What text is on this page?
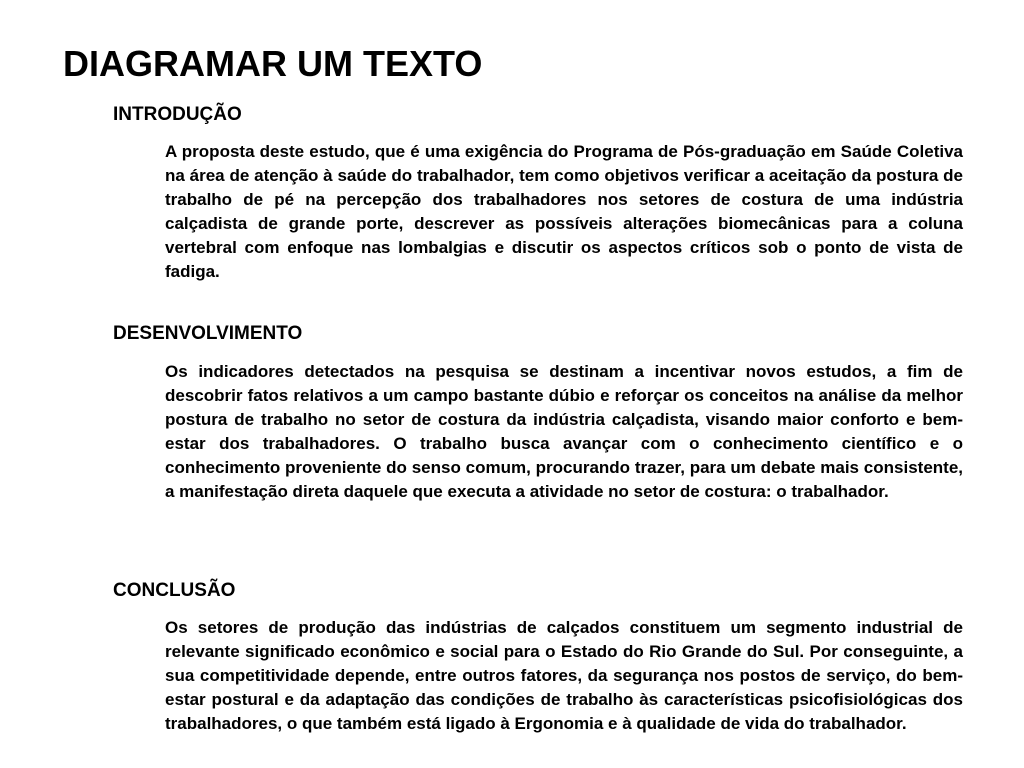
DIAGRAMAR UM TEXTO
INTRODUÇÃO

A proposta deste estudo, que é uma exigência do Programa de Pós-graduação em Saúde Coletiva na área de atenção à saúde do trabalhador, tem como objetivos verificar a aceitação da postura de trabalho de pé na percepção dos trabalhadores nos setores de costura de uma indústria calçadista de grande porte, descrever as possíveis alterações biomecânicas para a coluna vertebral com enfoque nas lombalgias e discutir os aspectos críticos sob o ponto de vista de fadiga.

DESENVOLVIMENTO

Os indicadores detectados na pesquisa se destinam a incentivar novos estudos, a fim de descobrir fatos relativos a um campo bastante dúbio e reforçar os conceitos na análise da melhor postura de trabalho no setor de costura da indústria calçadista, visando maior conforto e bem-estar dos trabalhadores. O trabalho busca avançar com o conhecimento científico e o conhecimento proveniente do senso comum, procurando trazer, para um debate mais consistente, a manifestação direta daquele que executa a atividade no setor de costura: o trabalhador.

CONCLUSÃO

Os setores de produção das indústrias de calçados constituem um segmento industrial de relevante significado econômico e social para o Estado do Rio Grande do Sul. Por conseguinte, a sua competitividade depende, entre outros fatores, da segurança nos postos de serviço, do bem-estar postural e da adaptação das condições de trabalho às características psicofisiológicas dos trabalhadores, o que também está ligado à Ergonomia e à qualidade de vida do trabalhador.
